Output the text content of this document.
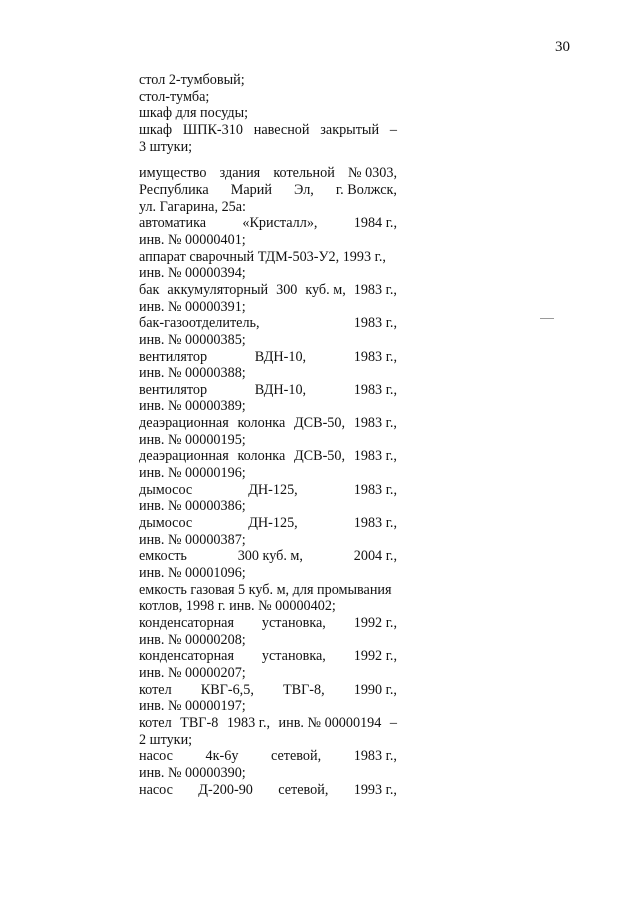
30
стол 2-тумбовый;
стол-тумба;
шкаф для посуды;
шкаф ШПК-310 навесной закрытый –
3 штуки;
имущество здания котельной № 0303,
Республика Марий Эл, г. Волжск,
ул. Гагарина, 25а:
автоматика	«Кристалл»,	1984 г.,
инв. № 00000401;
аппарат сварочный ТДМ-503-У2, 1993 г.,
инв. № 00000394;
бак аккумуляторный 300 куб. м, 1983 г.,
инв. № 00000391;
бак-газоотделитель,	1983 г.,
инв. № 00000385;
вентилятор	ВДН-10,	1983 г.,
инв. № 00000388;
вентилятор	ВДН-10,	1983 г.,
инв. № 00000389;
деаэрационная колонка ДСВ-50, 1983 г.,
инв. № 00000195;
деаэрационная колонка ДСВ-50, 1983 г.,
инв. № 00000196;
дымосос	ДН-125,	1983 г.,
инв. № 00000386;
дымосос	ДН-125,	1983 г.,
инв. № 00000387;
емкость	300 куб. м,	2004 г.,
инв. № 00001096;
емкость газовая 5 куб. м, для промывания
котлов, 1998 г. инв. № 00000402;
конденсаторная установка, 1992 г.,
инв. № 00000208;
конденсаторная установка, 1992 г.,
инв. № 00000207;
котел КВГ-6,5, ТВГ-8, 1990 г.,
инв. № 00000197;
котел ТВГ-8 1983 г., инв. № 00000194 –
2 штуки;
насос 4к-6у сетевой, 1983 г.,
инв. № 00000390;
насос Д-200-90 сетевой, 1993 г.,
